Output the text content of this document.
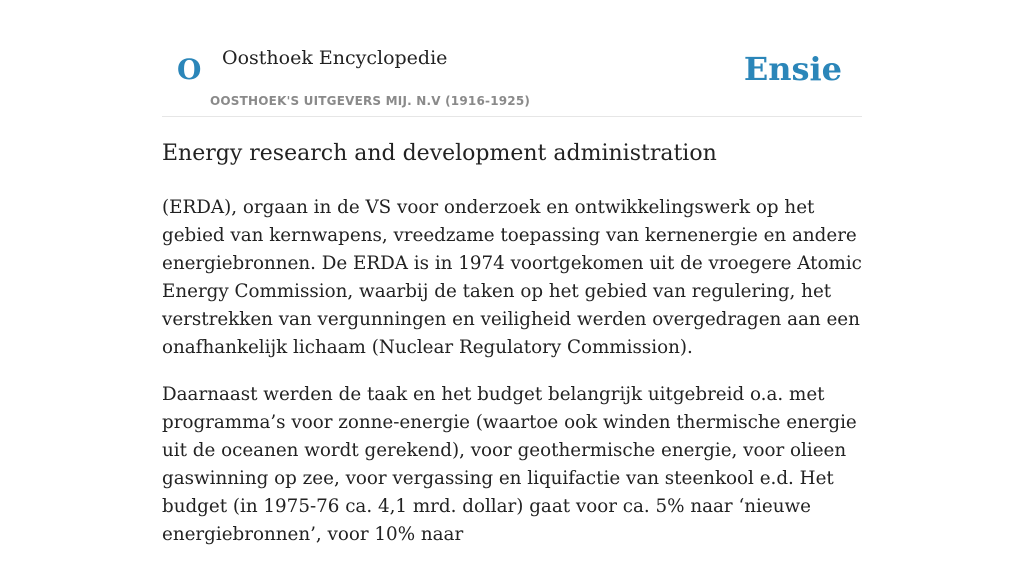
O Oosthoek Encyclopedie
OOSTHOEK'S UITGEVERS MIJ. N.V (1916-1925)
Ensie
Energy research and development administration

(ERDA), orgaan in de VS voor onderzoek en ontwikkelingswerk op het gebied van kernwapens, vreedzame toepassing van kernenergie en andere energiebronnen. De ERDA is in 1974 voortgekomen uit de vroegere Atomic Energy Commission, waarbij de taken op het gebied van regulering, het verstrekken van vergunningen en veiligheid werden overgedragen aan een onafhankelijk lichaam (Nuclear Regulatory Commission).

Daarnaast werden de taak en het budget belangrijk uitgebreid o.a. met programma’s voor zonne-energie (waartoe ook winden thermische energie uit de oceanen wordt gerekend), voor geothermische energie, voor olieen gaswinning op zee, voor vergassing en liquifactie van steenkool e.d. Het budget (in 1975-76 ca. 4,1 mrd. dollar) gaat voor ca. 5% naar ‘nieuwe energiebronnen’, voor 10% naar
